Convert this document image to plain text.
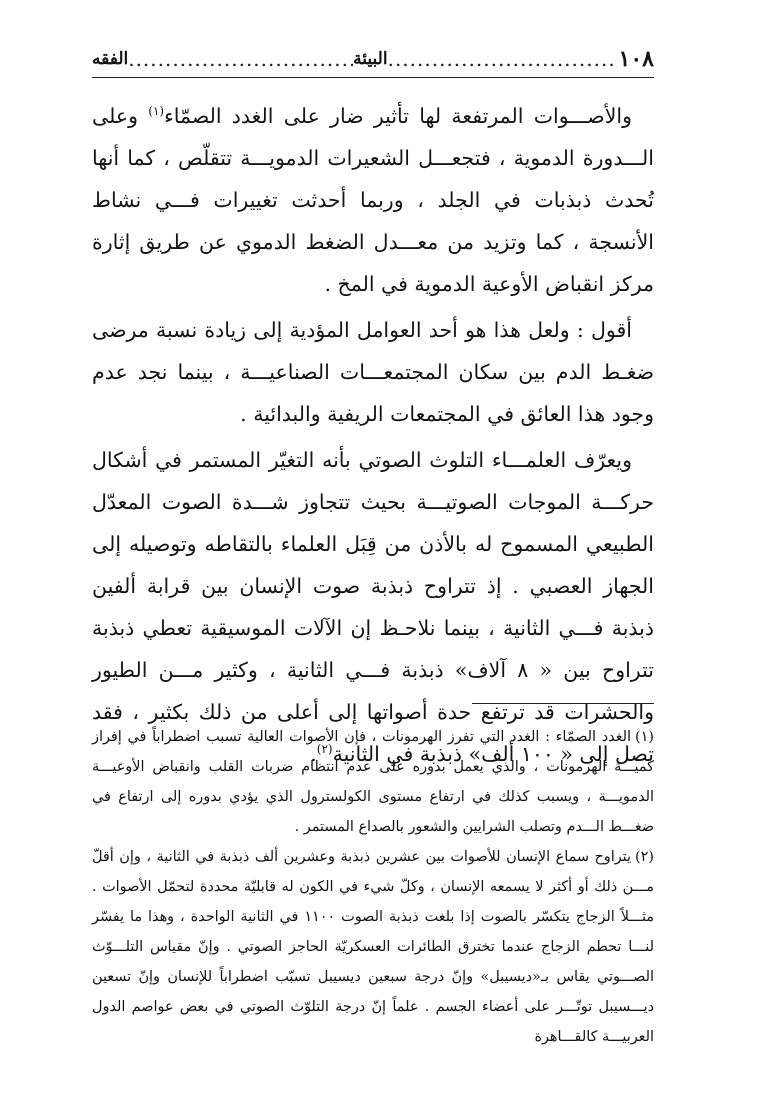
١٠٨
.....
البيئة
.....
الفقه

والأصـــوات المرتفعة لها تأثير ضار على الغدد الصمّاء$^{(١)}$ وعلى الـــدورة الدموية ، فتجعـــل الشعيرات الدمويـــة تتقلّص ، كما أنها تُحدث ذبذبات في الجلد ، وربما أحدثت تغييرات فـــي نشاط الأنسجة ، كما وتزيد من معـــدل الضغط الدموي عن طريق إثارة مركز انقباض الأوعية الدموية في المخ .

أقول : ولعل هذا هو أحد العوامل المؤدية إلى زيادة نسبة مرضى ضغـط الدم بين سكان المجتمعـــات الصناعيـــة ، بينما نجد عدم وجود هذا العائق في المجتمعات الريفية والبدائية .

ويعرّف العلمـــاء التلوث الصوتي بأنه التغيّر المستمر في أشكال حركـــة الموجات الصوتيـــة بحيث تتجاوز شـــدة الصوت المعدّل الطبيعي المسموح له بالأذن من قِبَل العلماء بالتقاطه وتوصيله إلى الجهاز العصبي . إذ تتراوح ذبذبة صوت الإنسان بين قرابة ألفين ذبذبة فـــي الثانية ، بينما نلاحـظ إن الآلات الموسيقية تعطي ذبذبة تتراوح بين « ٨ آلاف» ذبذبة فـــي الثانية ، وكثير مـــن الطيور والحشرات قد ترتفع حدة أصواتها إلى أعلى من ذلك بكثير ، فقد تصل إلى « ١٠٠ ألف» ذبذبة في الثانية$^{(٢)}$.

(١)الغدد الصمّاء : الغدد التي تفرز الهرمونات ، فإن الأصوات العالية تسبب اضطراباً في إفراز كميـــة الهرمونات ، والذي يعمل بدوره على عدم انتظام ضربات القلب وانقباض الأوعيـــة الدمويـــة ، ويسبب كذلك في ارتفاع مستوى الكولسترول الذي يؤدي بدوره إلى ارتفاع في ضغـــط الـــدم وتصلب الشرايين والشعور بالصداع المستمر .

(٢)يتراوح سماع الإنسان للأصوات بين عشرين ذبذبة وعشرين ألف ذبذبة في الثانية ، وإن أقلّ مـــن ذلك أو أكثر لا يسمعه الإنسان ، وكلّ شيء في الكون له قابليّة محددة لتحمّل الأصوات . مثـــلاً الزجاج يتكسّر بالصوت إذا بلغت ذبذبة الصوت ١١٠٠ في الثانية الواحدة ، وهذا ما يفسّر لنـــا تحطم الزجاج عندما تخترق الطائرات العسكريّة الحاجز الصوتي . وإنّ مقياس التلـــوّث الصـــوتي يقاس بـ«ديسيبل» وإنّ درجة سبعين ديسيبل تسبّب اضطراباً للإنسان وإنّ تسعين ديـــسيبل توتّـــر على أعضاء الجسم . علماً إنّ درجة التلوّث الصوتي في بعض عواصم الدول العربيـــة كالقـــاهرة
